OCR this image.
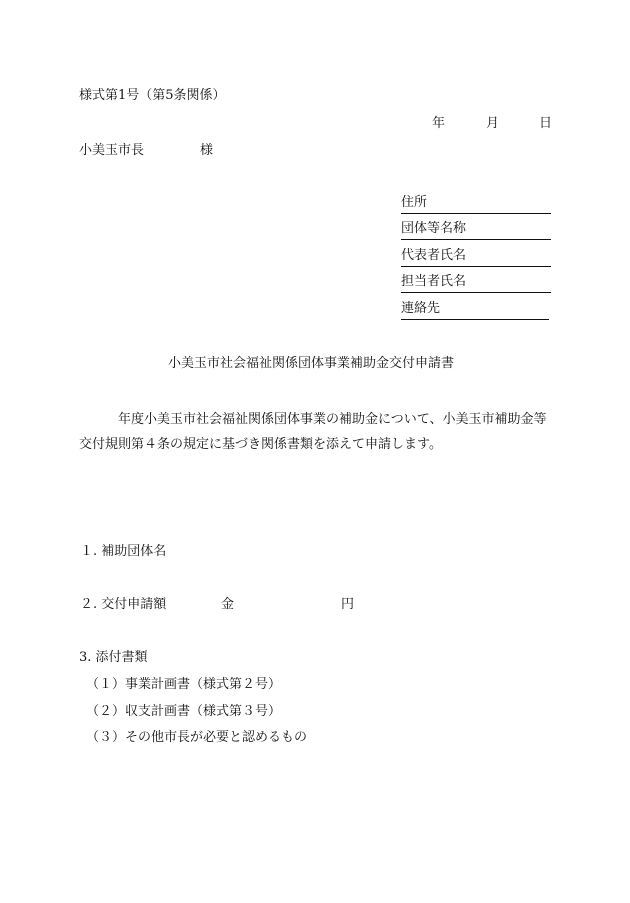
様式第1号（第5条関係）
年	月	日
小美玉市長	様
住所
団体等名称
代表者氏名
担当者氏名
連絡先
小美玉市社会福祉関係団体事業補助金交付申請書
年度小美玉市社会福祉関係団体事業の補助金について、小美玉市補助金等交付規則第４条の規定に基づき関係書類を添えて申請します。
１. 補助団体名
２. 交付申請額	金	円
3. 添付書類
（１）事業計画書（様式第２号）
（２）収支計画書（様式第３号）
（３）その他市長が必要と認めるもの
